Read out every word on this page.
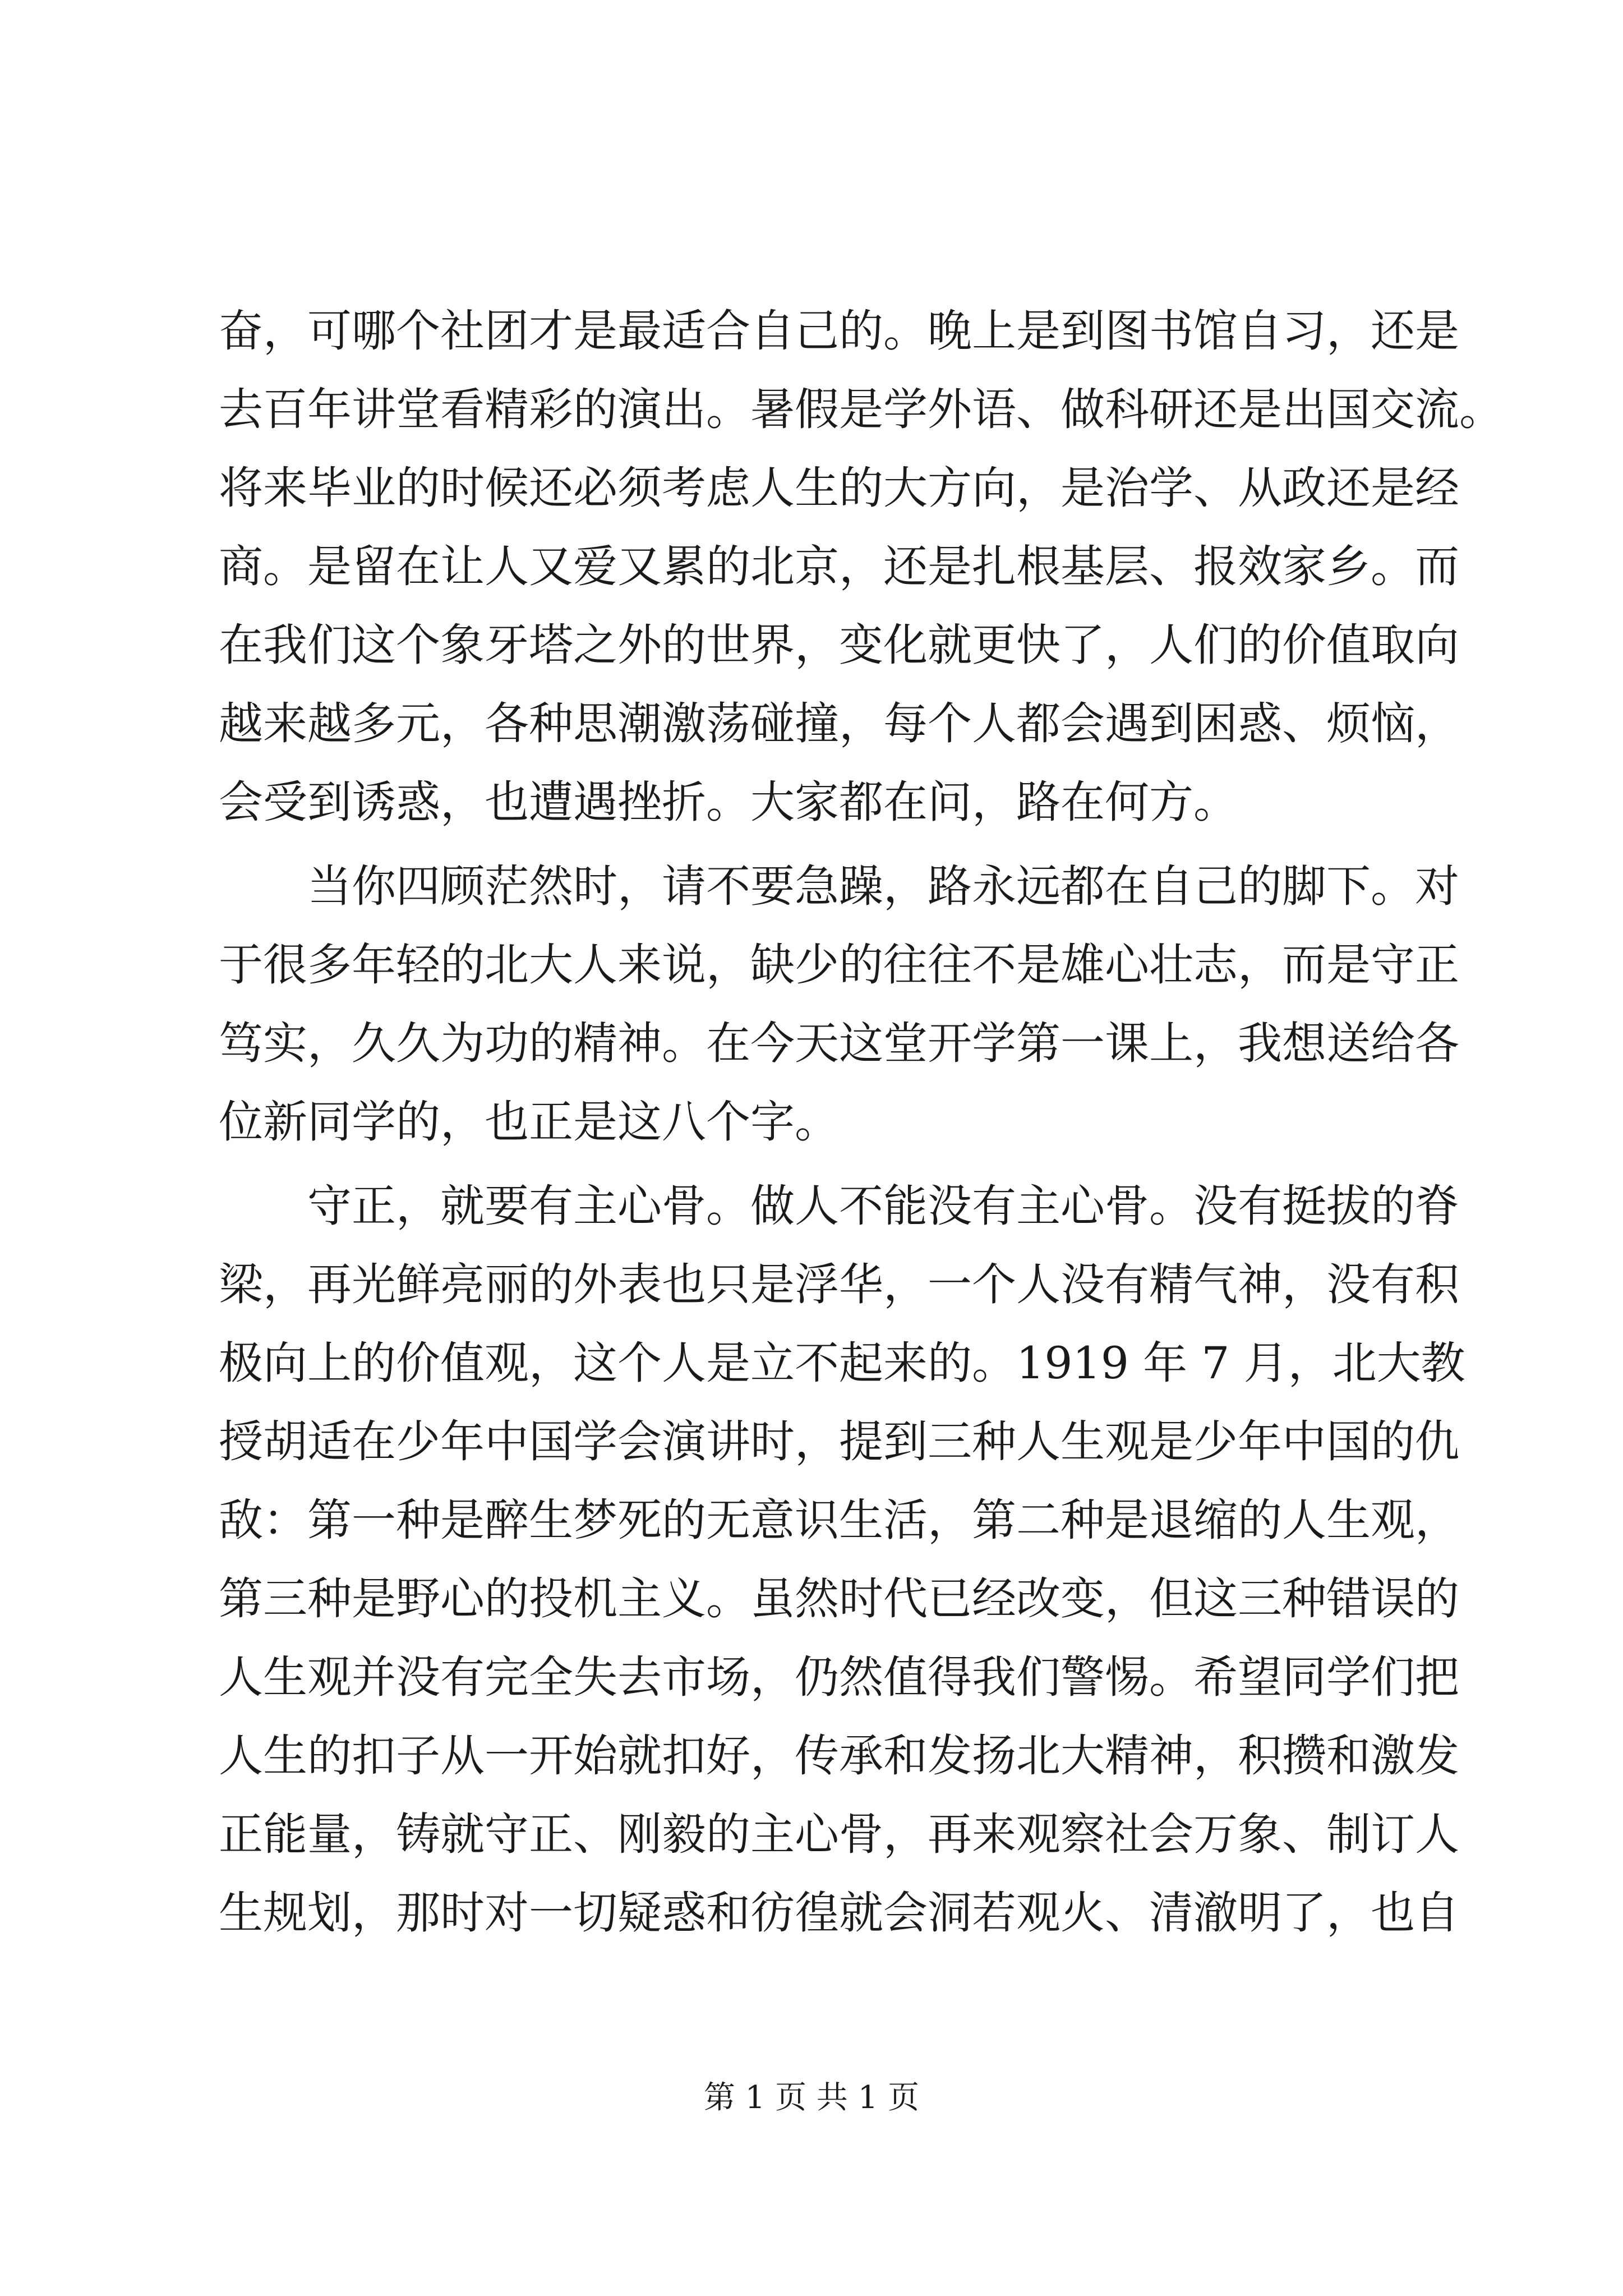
奋，可哪个社团才是最适合自己的。晚上是到图书馆自习，还是
去百年讲堂看精彩的演出。暑假是学外语、做科研还是出国交流。
将来毕业的时候还必须考虑人生的大方向，是治学、从政还是经
商。是留在让人又爱又累的北京，还是扎根基层、报效家乡。而
在我们这个象牙塔之外的世界，变化就更快了，人们的价值取向
越来越多元，各种思潮激荡碰撞，每个人都会遇到困惑、烦恼，
会受到诱惑，也遭遇挫折。大家都在问，路在何方。
当你四顾茫然时，请不要急躁，路永远都在自己的脚下。对
于很多年轻的北大人来说，缺少的往往不是雄心壮志，而是守正
笃实，久久为功的精神。在今天这堂开学第一课上，我想送给各
位新同学的，也正是这八个字。
守正，就要有主心骨。做人不能没有主心骨。没有挺拔的脊
梁，再光鲜亮丽的外表也只是浮华，一个人没有精气神，没有积
极向上的价值观，这个人是立不起来的。1919 年 7 月，北大教
授胡适在少年中国学会演讲时，提到三种人生观是少年中国的仇
敌：第一种是醉生梦死的无意识生活，第二种是退缩的人生观，
第三种是野心的投机主义。虽然时代已经改变，但这三种错误的
人生观并没有完全失去市场，仍然值得我们警惕。希望同学们把
人生的扣子从一开始就扣好，传承和发扬北大精神，积攒和激发
正能量，铸就守正、刚毅的主心骨，再来观察社会万象、制订人
生规划，那时对一切疑惑和彷徨就会洞若观火、清澈明了，也自
第 1 页 共 1 页
